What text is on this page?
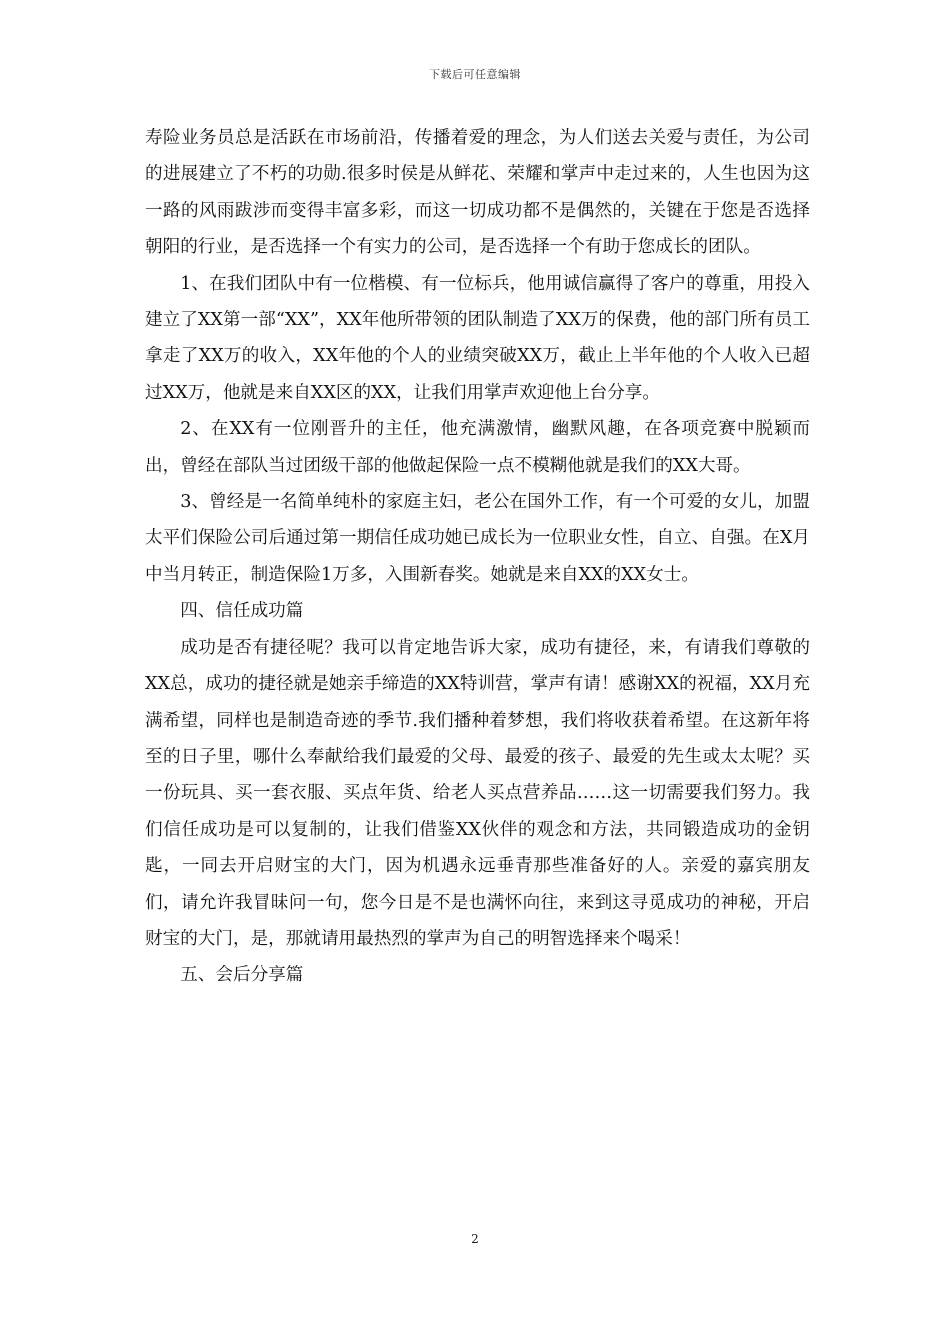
下载后可任意编辑

寿险业务员总是活跃在市场前沿，传播着爱的理念，为人们送去关爱与责任，为公司的进展建立了不朽的功勋.很多时侯是从鲜花、荣耀和掌声中走过来的，人生也因为这一路的风雨跋涉而变得丰富多彩，而这一切成功都不是偶然的，关键在于您是否选择朝阳的行业，是否选择一个有实力的公司，是否选择一个有助于您成长的团队。

1、在我们团队中有一位楷模、有一位标兵，他用诚信赢得了客户的尊重，用投入建立了XX第一部“XX”，XX年他所带领的团队制造了XX万的保费，他的部门所有员工拿走了XX万的收入，XX年他的个人的业绩突破XX万，截止上半年他的个人收入已超过XX万，他就是来自XX区的XX，让我们用掌声欢迎他上台分享。

2、在XX有一位刚晋升的主任，他充满激情，幽默风趣，在各项竞赛中脱颖而出，曾经在部队当过团级干部的他做起保险一点不模糊他就是我们的XX大哥。

3、曾经是一名简单纯朴的家庭主妇，老公在国外工作，有一个可爱的女儿，加盟太平们保险公司后通过第一期信任成功她已成长为一位职业女性，自立、自强。在X月中当月转正，制造保险1万多，入围新春奖。她就是来自XX的XX女士。

四、信任成功篇

成功是否有捷径呢？我可以肯定地告诉大家，成功有捷径，来，有请我们尊敬的XX总，成功的捷径就是她亲手缔造的XX特训营，掌声有请！感谢XX的祝福，XX月充满希望，同样也是制造奇迹的季节.我们播种着梦想，我们将收获着希望。在这新年将至的日子里，哪什么奉献给我们最爱的父母、最爱的孩子、最爱的先生或太太呢？买一份玩具、买一套衣服、买点年货、给老人买点营养品……这一切需要我们努力。我们信任成功是可以复制的，让我们借鉴XX伙伴的观念和方法，共同锻造成功的金钥匙，一同去开启财宝的大门，因为机遇永远垂青那些准备好的人。亲爱的嘉宾朋友们，请允许我冒昧问一句，您今日是不是也满怀向往，来到这寻觅成功的神秘，开启财宝的大门，是，那就请用最热烈的掌声为自己的明智选择来个喝采！

五、会后分享篇

2
